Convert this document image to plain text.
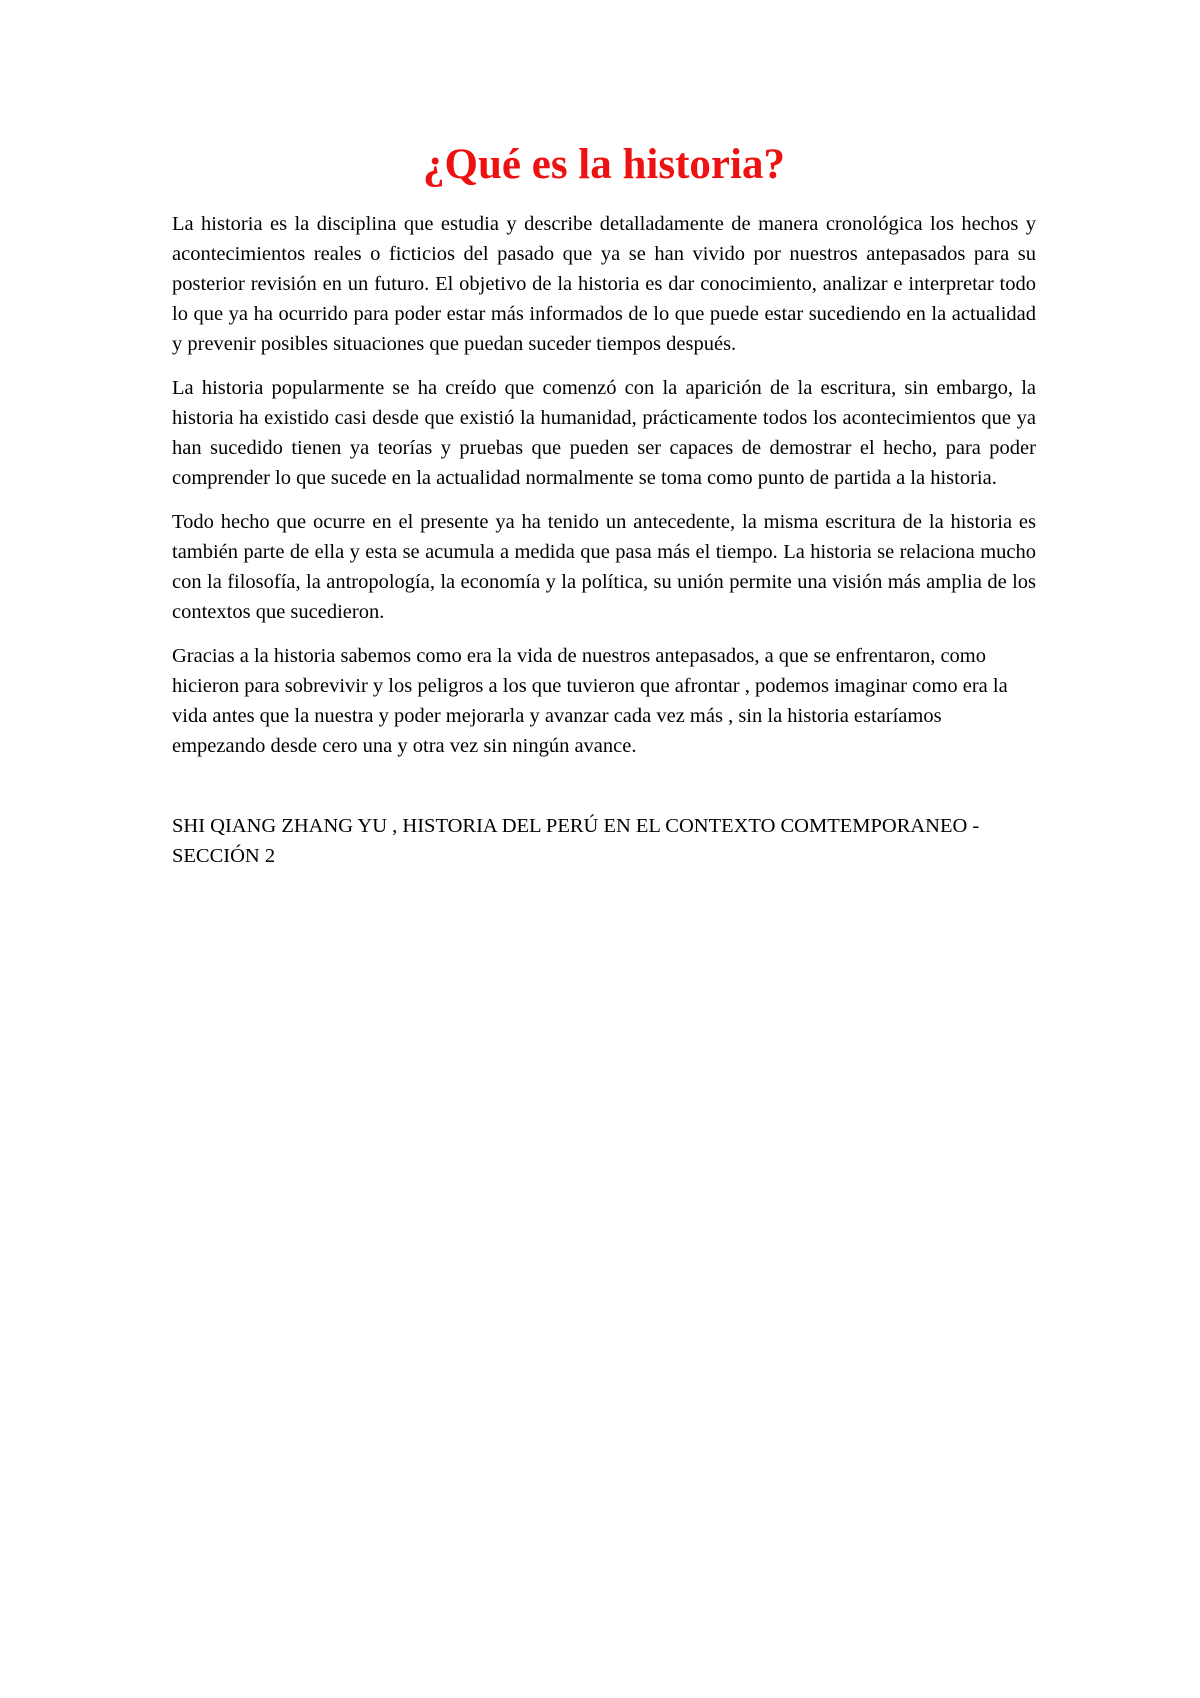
¿Qué es la historia?

La historia es la disciplina que estudia y describe detalladamente de manera cronológica los hechos y acontecimientos reales o ficticios del pasado que ya se han vivido por nuestros antepasados para su posterior revisión en un futuro. El objetivo de la historia es dar conocimiento, analizar e interpretar todo lo que ya ha ocurrido para poder estar más informados de lo que puede estar sucediendo en la actualidad y prevenir posibles situaciones que puedan suceder tiempos después.

La historia popularmente se ha creído que comenzó con la aparición de la escritura, sin embargo, la historia ha existido casi desde que existió la humanidad, prácticamente todos los acontecimientos que ya han sucedido tienen ya teorías y pruebas que pueden ser capaces de demostrar el hecho, para poder comprender lo que sucede en la actualidad normalmente se toma como punto de partida a la historia.

Todo hecho que ocurre en el presente ya ha tenido un antecedente, la misma escritura de la historia es también parte de ella y esta se acumula a medida que pasa más el tiempo. La historia se relaciona mucho con la filosofía, la antropología, la economía y la política, su unión permite una visión más amplia de los contextos que sucedieron.

Gracias a la historia sabemos como era la vida de nuestros antepasados, a que se enfrentaron, como hicieron para sobrevivir y los peligros a los que tuvieron que afrontar , podemos imaginar como era la vida antes que la nuestra y poder mejorarla y avanzar cada vez más , sin la historia estaríamos empezando desde cero una y otra vez sin ningún avance.

SHI QIANG ZHANG YU , HISTORIA DEL PERÚ EN EL CONTEXTO COMTEMPORANEO -SECCIÓN 2
